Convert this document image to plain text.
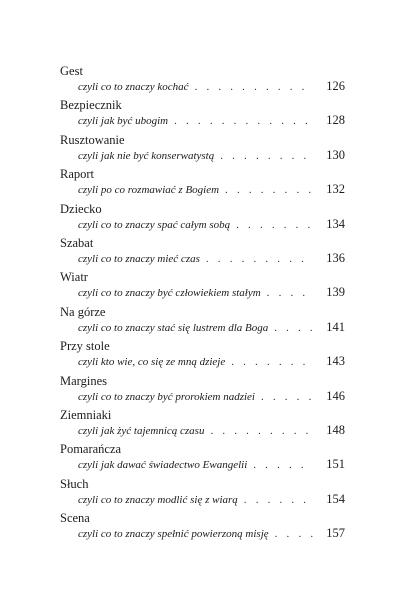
Gest
czyli co to znaczy kochać . . .	126
Bezpiecznik
czyli jak być ubogim . . .	128
Rusztowanie
czyli jak nie być konserwatystą . . .	130
Raport
czyli po co rozmawiać z Bogiem . . .	132
Dziecko
czyli co to znaczy spać całym sobą . . .	134
Szabat
czyli co to znaczy mieć czas . . .	136
Wiatr
czyli co to znaczy być człowiekiem stałym . . .	139
Na górze
czyli co to znaczy stać się lustrem dla Boga . . .	141
Przy stole
czyli kto wie, co się ze mną dzieje . . .	143
Margines
czyli co to znaczy być prorokiem nadziei . . .	146
Ziemniaki
czyli jak żyć tajemnicą czasu . . .	148
Pomarańcza
czyli jak dawać świadectwo Ewangelii . . .	151
Słuch
czyli co to znaczy modlić się z wiarą . . .	154
Scena
czyli co to znaczy spełnić powierzoną misję . . .	157
